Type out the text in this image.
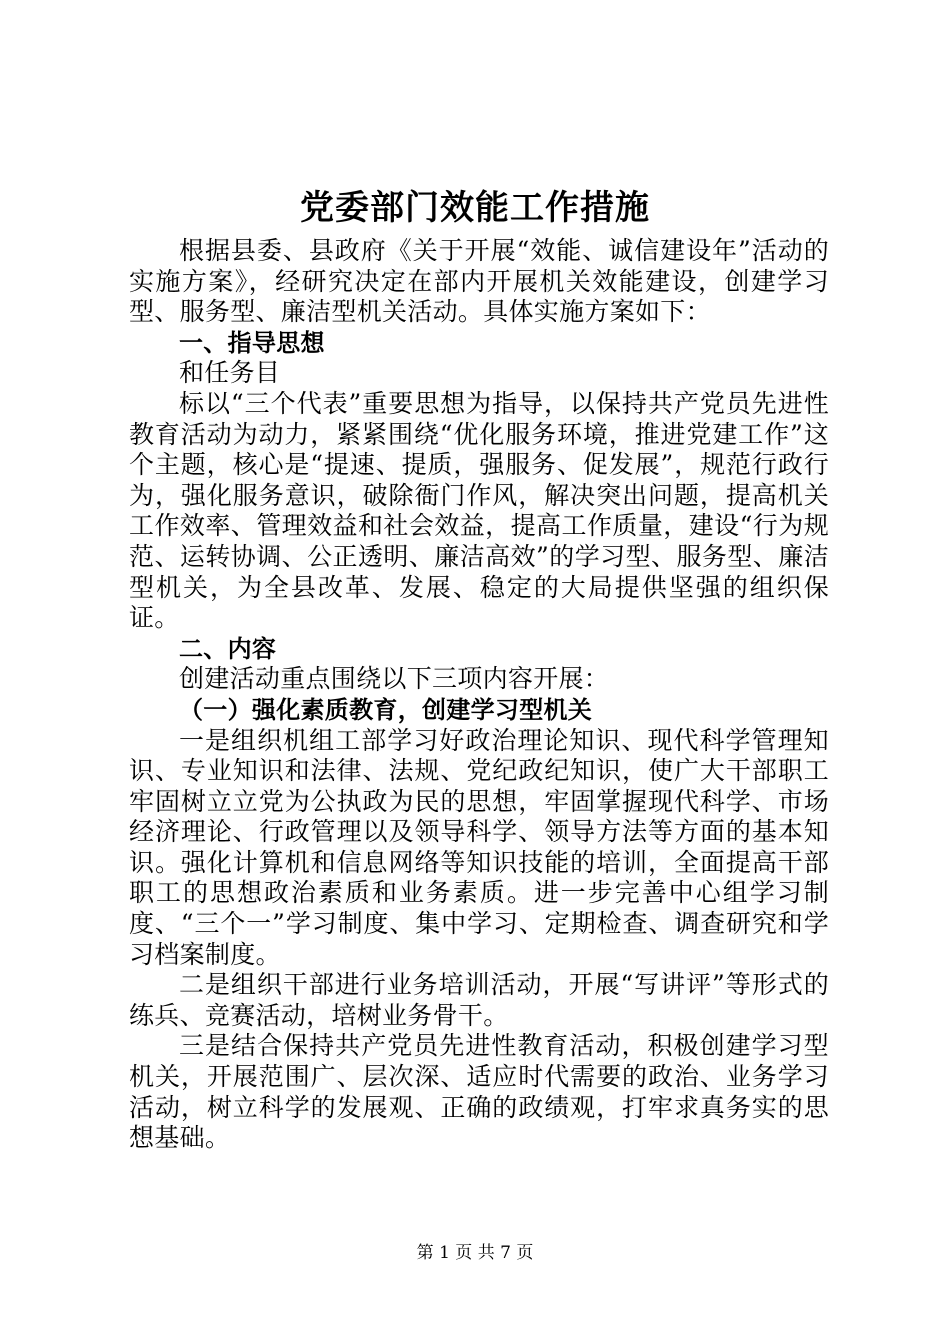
党委部门效能工作措施

根据县委、县政府《关于开展“效能、诚信建设年”活动的实施方案》，经研究决定在部内开展机关效能建设，创建学习型、服务型、廉洁型机关活动。具体实施方案如下：

一、指导思想

和任务目

标以“三个代表”重要思想为指导，以保持共产党员先进性教育活动为动力，紧紧围绕“优化服务环境，推进党建工作”这个主题，核心是“提速、提质，强服务、促发展”，规范行政行为，强化服务意识，破除衙门作风，解决突出问题，提高机关工作效率、管理效益和社会效益，提高工作质量，建设“行为规范、运转协调、公正透明、廉洁高效”的学习型、服务型、廉洁型机关，为全县改革、发展、稳定的大局提供坚强的组织保证。

二、内容

创建活动重点围绕以下三项内容开展：

（一）强化素质教育，创建学习型机关

一是组织机组工部学习好政治理论知识、现代科学管理知识、专业知识和法律、法规、党纪政纪知识，使广大干部职工牢固树立立党为公执政为民的思想，牢固掌握现代科学、市场经济理论、行政管理以及领导科学、领导方法等方面的基本知识。强化计算机和信息网络等知识技能的培训，全面提高干部职工的思想政治素质和业务素质。进一步完善中心组学习制度、“三个一”学习制度、集中学习、定期检查、调查研究和学习档案制度。

二是组织干部进行业务培训活动，开展“写讲评”等形式的练兵、竞赛活动，培树业务骨干。

三是结合保持共产党员先进性教育活动，积极创建学习型机关，开展范围广、层次深、适应时代需要的政治、业务学习活动，树立科学的发展观、正确的政绩观，打牢求真务实的思想基础。

第 1 页 共 7 页
